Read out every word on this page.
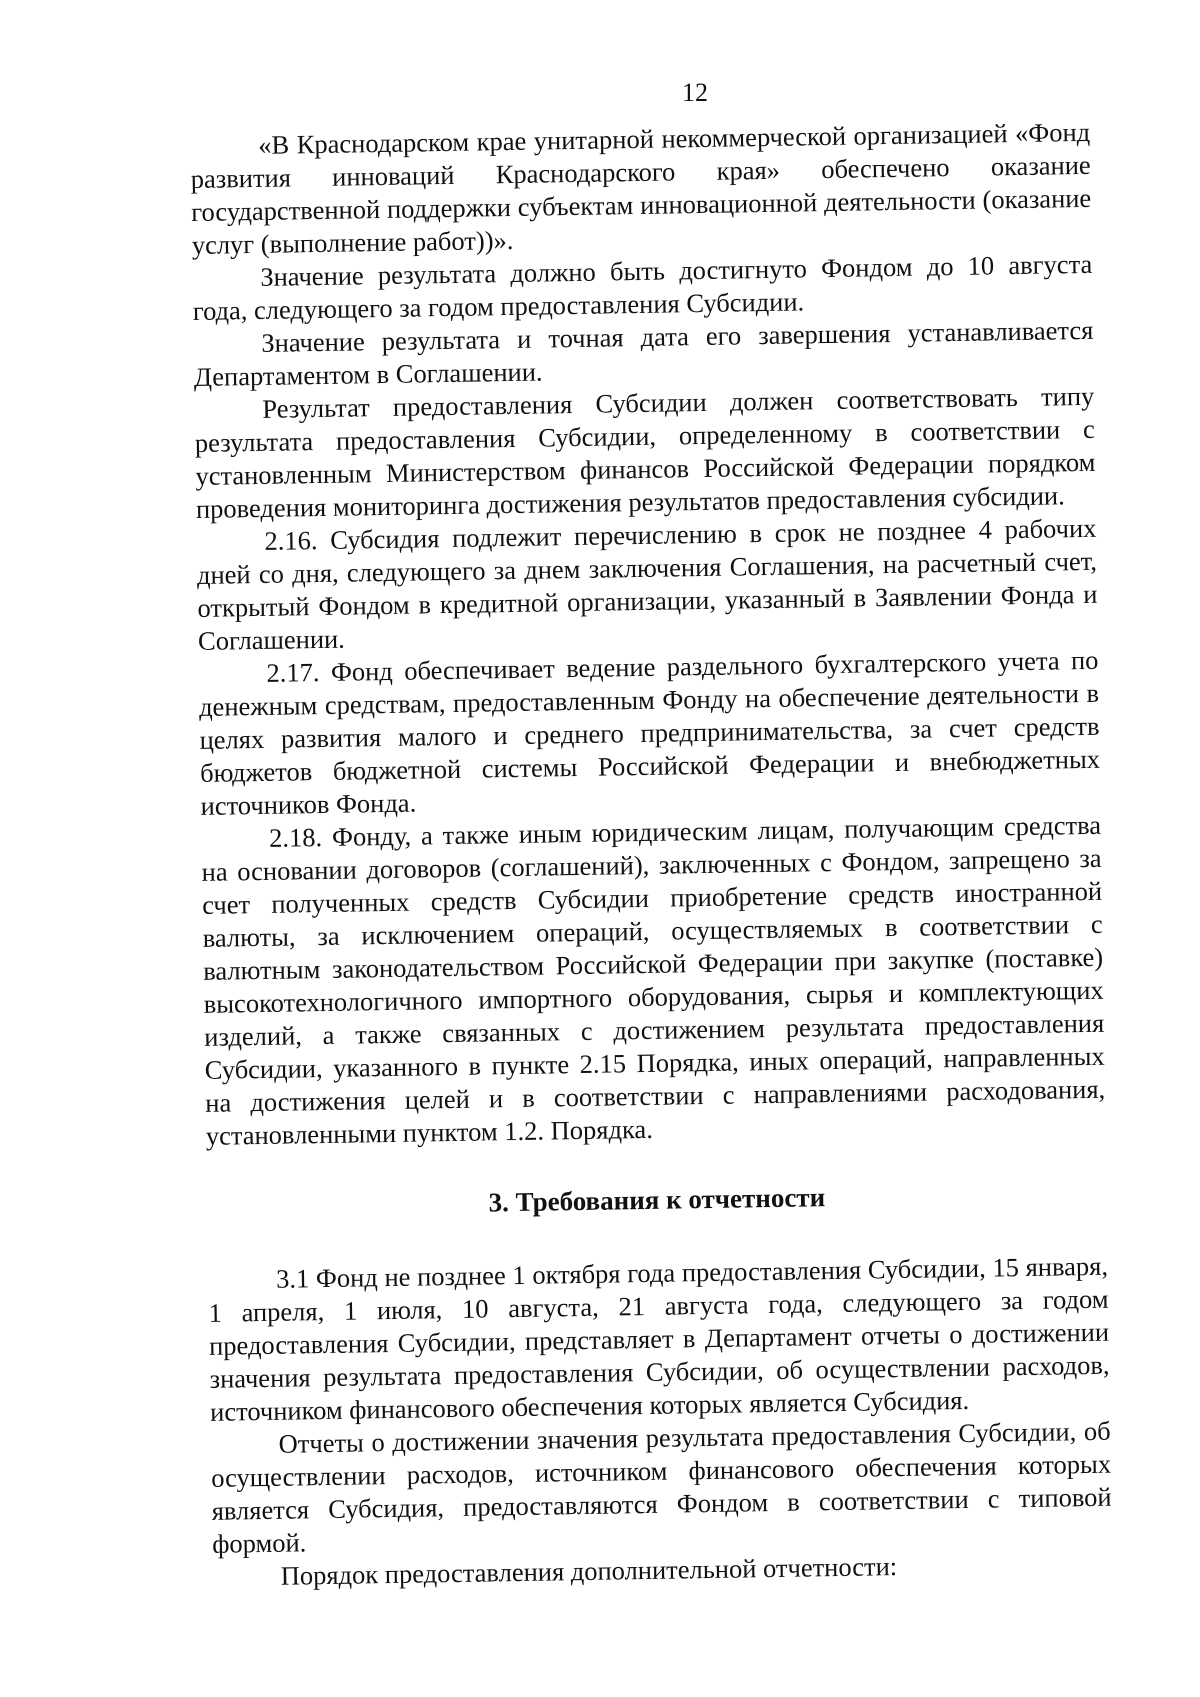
12

«В Краснодарском крае унитарной некоммерческой организацией «Фонд развития инноваций Краснодарского края» обеспечено оказание государственной поддержки субъектам инновационной деятельности (оказание услуг (выполнение работ))».

Значение результата должно быть достигнуто Фондом до 10 августа года, следующего за годом предоставления Субсидии.

Значение результата и точная дата его завершения устанавливается Департаментом в Соглашении.

Результат предоставления Субсидии должен соответствовать типу результата предоставления Субсидии, определенному в соответствии с установленным Министерством финансов Российской Федерации порядком проведения мониторинга достижения результатов предоставления субсидии.

2.16. Субсидия подлежит перечислению в срок не позднее 4 рабочих дней со дня, следующего за днем заключения Соглашения, на расчетный счет, открытый Фондом в кредитной организации, указанный в Заявлении Фонда и Соглашении.

2.17. Фонд обеспечивает ведение раздельного бухгалтерского учета по денежным средствам, предоставленным Фонду на обеспечение деятельности в целях развития малого и среднего предпринимательства, за счет средств бюджетов бюджетной системы Российской Федерации и внебюджетных источников Фонда.

2.18. Фонду, а также иным юридическим лицам, получающим средства на основании договоров (соглашений), заключенных с Фондом, запрещено за счет полученных средств Субсидии приобретение средств иностранной валюты, за исключением операций, осуществляемых в соответствии с валютным законодательством Российской Федерации при закупке (поставке) высокотехнологичного импортного оборудования, сырья и комплектующих изделий, а также связанных с достижением результата предоставления Субсидии, указанного в пункте 2.15 Порядка, иных операций, направленных на достижения целей и в соответствии с направлениями расходования, установленными пунктом 1.2. Порядка.

3. Требования к отчетности

3.1 Фонд не позднее 1 октября года предоставления Субсидии, 15 января, 1 апреля, 1 июля, 10 августа, 21 августа года, следующего за годом предоставления Субсидии, представляет в Департамент отчеты о достижении значения результата предоставления Субсидии, об осуществлении расходов, источником финансового обеспечения которых является Субсидия.

Отчеты о достижении значения результата предоставления Субсидии, об осуществлении расходов, источником финансового обеспечения которых является Субсидия, предоставляются Фондом в соответствии с типовой формой.

Порядок предоставления дополнительной отчетности:
